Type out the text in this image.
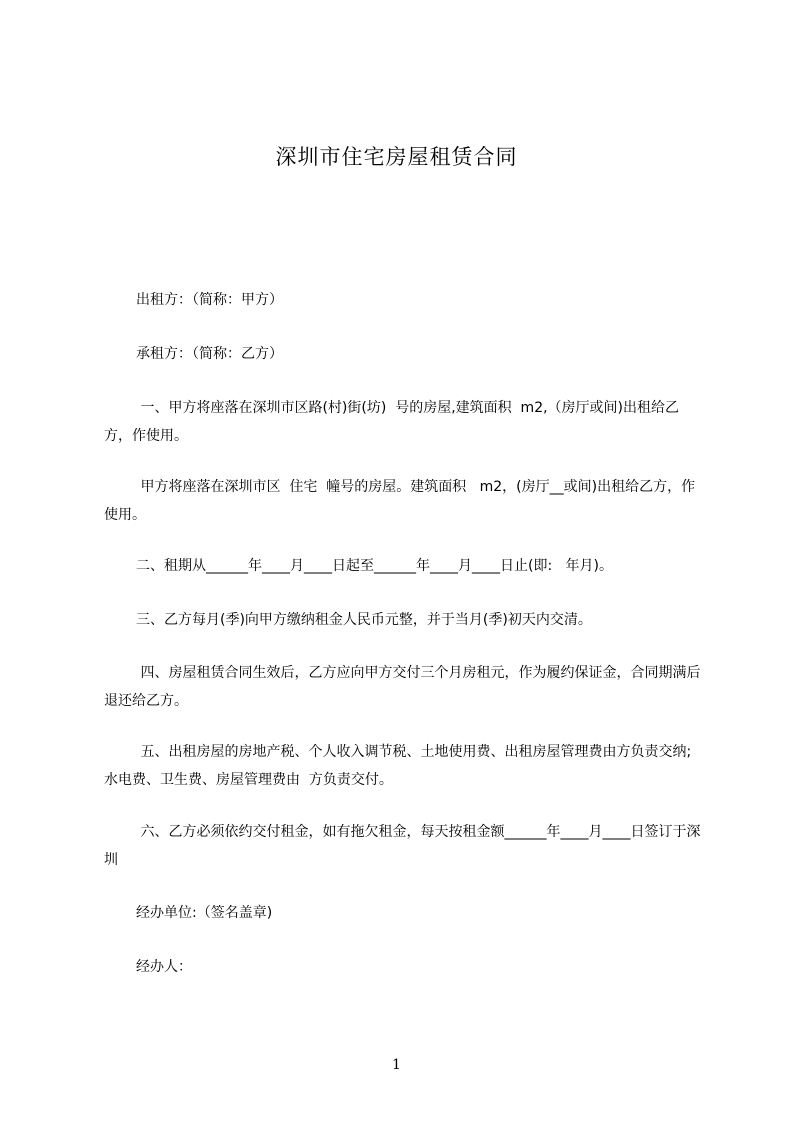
深圳市住宅房屋租赁合同
出租方：（简称：甲方）
承租方：（简称：乙方）
一、甲方将座落在深圳市区路(村)街(坊)  号的房屋,建筑面积  m2,（房厅或间)出租给乙方，作使用。
甲方将座落在深圳市区  住宅  幢号的房屋。建筑面积   m2，(房厅__或间)出租给乙方，作使用。
二、租期从______年____月____日起至______年____月____日止(即:   年月)。
三、乙方每月(季)向甲方缴纳租金人民币元整，并于当月(季)初天内交清。
四、房屋租赁合同生效后，乙方应向甲方交付三个月房租元，作为履约保证金，合同期满后退还给乙方。
五、出租房屋的房地产税、个人收入调节税、土地使用费、出租房屋管理费由方负责交纳;水电费、卫生费、房屋管理费由  方负责交付。
六、乙方必须依约交付租金，如有拖欠租金，每天按租金额______年____月____日签订于深圳
经办单位:（签名盖章)
经办人：
1
